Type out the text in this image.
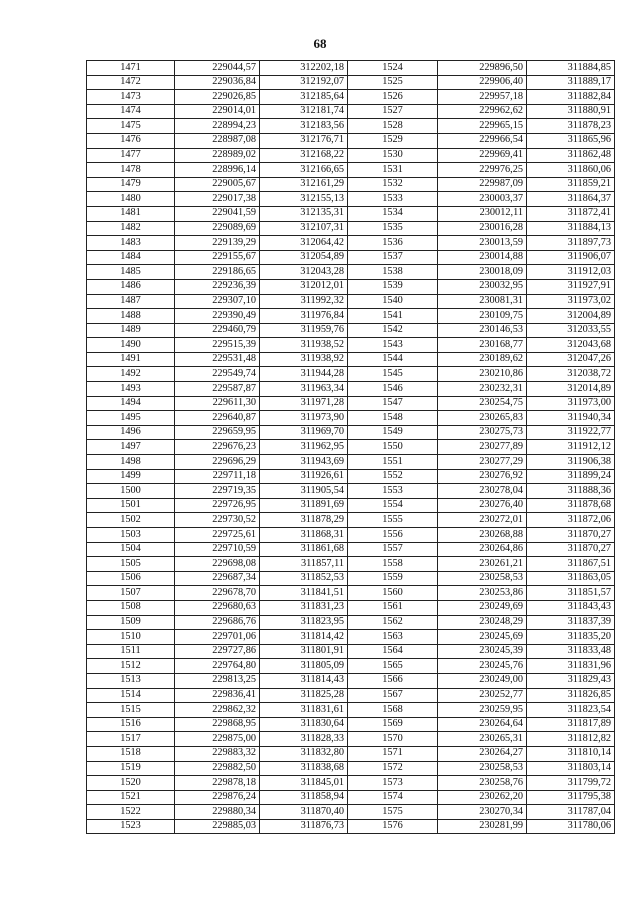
68
1471	229044,57	312202,18	1524	229896,50	311884,85
1472	229036,84	312192,07	1525	229906,40	311889,17
1473	229026,85	312185,64	1526	229957,18	311882,84
1474	229014,01	312181,74	1527	229962,62	311880,91
1475	228994,23	312183,56	1528	229965,15	311878,23
1476	228987,08	312176,71	1529	229966,54	311865,96
1477	228989,02	312168,22	1530	229969,41	311862,48
1478	228996,14	312166,65	1531	229976,25	311860,06
1479	229005,67	312161,29	1532	229987,09	311859,21
1480	229017,38	312155,13	1533	230003,37	311864,37
1481	229041,59	312135,31	1534	230012,11	311872,41
1482	229089,69	312107,31	1535	230016,28	311884,13
1483	229139,29	312064,42	1536	230013,59	311897,73
1484	229155,67	312054,89	1537	230014,88	311906,07
1485	229186,65	312043,28	1538	230018,09	311912,03
1486	229236,39	312012,01	1539	230032,95	311927,91
1487	229307,10	311992,32	1540	230081,31	311973,02
1488	229390,49	311976,84	1541	230109,75	312004,89
1489	229460,79	311959,76	1542	230146,53	312033,55
1490	229515,39	311938,52	1543	230168,77	312043,68
1491	229531,48	311938,92	1544	230189,62	312047,26
1492	229549,74	311944,28	1545	230210,86	312038,72
1493	229587,87	311963,34	1546	230232,31	312014,89
1494	229611,30	311971,28	1547	230254,75	311973,00
1495	229640,87	311973,90	1548	230265,83	311940,34
1496	229659,95	311969,70	1549	230275,73	311922,77
1497	229676,23	311962,95	1550	230277,89	311912,12
1498	229696,29	311943,69	1551	230277,29	311906,38
1499	229711,18	311926,61	1552	230276,92	311899,24
1500	229719,35	311905,54	1553	230278,04	311888,36
1501	229726,95	311891,69	1554	230276,40	311878,68
1502	229730,52	311878,29	1555	230272,01	311872,06
1503	229725,61	311868,31	1556	230268,88	311870,27
1504	229710,59	311861,68	1557	230264,86	311870,27
1505	229698,08	311857,11	1558	230261,21	311867,51
1506	229687,34	311852,53	1559	230258,53	311863,05
1507	229678,70	311841,51	1560	230253,86	311851,57
1508	229680,63	311831,23	1561	230249,69	311843,43
1509	229686,76	311823,95	1562	230248,29	311837,39
1510	229701,06	311814,42	1563	230245,69	311835,20
1511	229727,86	311801,91	1564	230245,39	311833,48
1512	229764,80	311805,09	1565	230245,76	311831,96
1513	229813,25	311814,43	1566	230249,00	311829,43
1514	229836,41	311825,28	1567	230252,77	311826,85
1515	229862,32	311831,61	1568	230259,95	311823,54
1516	229868,95	311830,64	1569	230264,64	311817,89
1517	229875,00	311828,33	1570	230265,31	311812,82
1518	229883,32	311832,80	1571	230264,27	311810,14
1519	229882,50	311838,68	1572	230258,53	311803,14
1520	229878,18	311845,01	1573	230258,76	311799,72
1521	229876,24	311858,94	1574	230262,20	311795,38
1522	229880,34	311870,40	1575	230270,34	311787,04
1523	229885,03	311876,73	1576	230281,99	311780,06
